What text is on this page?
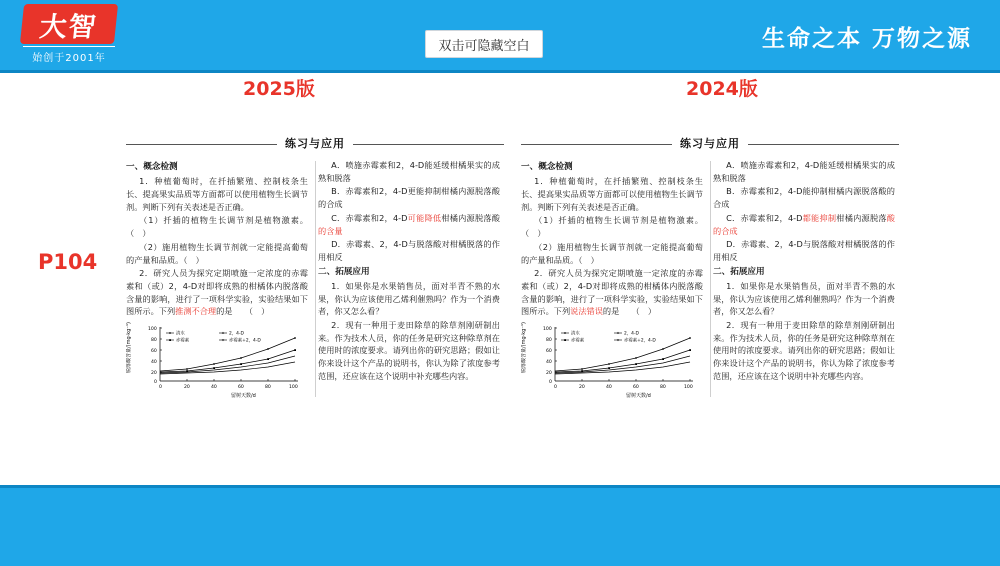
大智
始创于2001年
双击可隐藏空白	生命之本 万物之源
2025版	2024版
P104
练习与应用
一、概念检测

1．种植葡萄时，在扦插繁殖、控制枝条生长、提高果实品质等方面都可以使用植物生长调节剂。判断下列有关表述是否正确。

（1）扦插的植物生长调节剂是植物激素。（　）

（2）施用植物生长调节剂就一定能提高葡萄的产量和品质。（　）

2．研究人员为探究定期喷施一定浓度的赤霉素和（或）2，4-D对即将成熟的柑橘体内脱落酸含量的影响，进行了一项科学实验，实验结果如下图所示。下列推测不合理的是　　（　）

脱落酸含量/(mg·kg⁻¹)	100
80
60
40
20
0
0	20	40	60	80	100
留树天数/d
清水
赤霉素
2，4-D
赤霉素+2，4-D

A．喷施赤霉素和2，4-D能延缓柑橘果实的成熟和脱落

B．赤霉素和2，4-D更能抑制柑橘内源脱落酸的合成

C．赤霉素和2，4-D可能降低柑橘内源脱落酸的含量

D．赤霉素、2，4-D与脱落酸对柑橘脱落的作用相反

二、拓展应用

1．如果你是水果销售员，面对半青不熟的水果，你认为应该使用乙烯利催熟吗？作为一个消费者，你又怎么看？

2．现有一种用于麦田除草的除草剂刚研制出来。作为技术人员，你的任务是研究这种除草剂在使用时的浓度要求。请列出你的研究思路；假如让你来设计这个产品的说明书，你认为除了浓度参考范围，还应该在这个说明中补充哪些内容。

练习与应用
一、概念检测

1．种植葡萄时，在扦插繁殖、控制枝条生长、提高果实品质等方面都可以使用植物生长调节剂。判断下列有关表述是否正确。

（1）扦插的植物生长调节剂是植物激素。（　）

（2）施用植物生长调节剂就一定能提高葡萄的产量和品质。（　）

2．研究人员为探究定期喷施一定浓度的赤霉素和（或）2，4-D对即将成熟的柑橘体内脱落酸含量的影响，进行了一项科学实验，实验结果如下图所示。下列说法错误的是　　（　）

脱落酸含量/(mg·kg⁻¹)	100
80
60
40
20
0
0	20	40	60	80	100
留树天数/d
清水
赤霉素
2，4-D
赤霉素+2，4-D

A．喷施赤霉素和2，4-D能延缓柑橘果实的成熟和脱落

B．赤霉素和2，4-D能抑制柑橘内源脱落酸的合成

C．赤霉素和2，4-D都能抑制柑橘内源脱落酸的合成

D．赤霉素、2，4-D与脱落酸对柑橘脱落的作用相反

二、拓展应用

1．如果你是水果销售员，面对半青不熟的水果，你认为应该使用乙烯利催熟吗？作为一个消费者，你又怎么看？

2．现有一种用于麦田除草的除草剂刚研制出来。作为技术人员，你的任务是研究这种除草剂在使用时的浓度要求。请列出你的研究思路；假如让你来设计这个产品的说明书，你认为除了浓度参考范围，还应该在这个说明中补充哪些内容。
